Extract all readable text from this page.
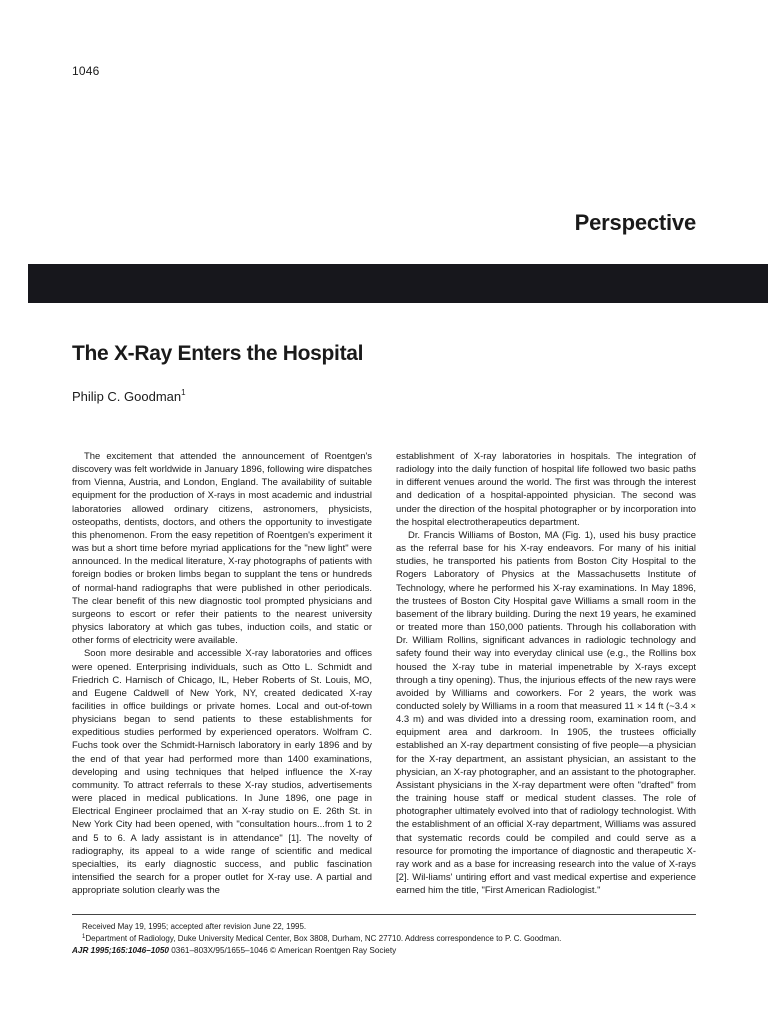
1046
Perspective
The X-Ray Enters the Hospital
Philip C. Goodman$^1$

The excitement that attended the announcement of Roentgen's discovery was felt worldwide in January 1896, following wire dispatches from Vienna, Austria, and London, England. The availability of suitable equipment for the production of X-rays in most academic and industrial laboratories allowed ordinary citizens, astronomers, physicists, osteopaths, dentists, doctors, and others the opportunity to investigate this phenomenon. From the easy repetition of Roentgen's experiment it was but a short time before myriad applications for the "new light" were announced. In the medical literature, X-ray photographs of patients with foreign bodies or broken limbs began to supplant the tens or hundreds of normal-hand radiographs that were published in other periodicals. The clear benefit of this new diagnostic tool prompted physicians and surgeons to escort or refer their patients to the nearest university physics laboratory at which gas tubes, induction coils, and static or other forms of electricity were available.

Soon more desirable and accessible X-ray laboratories and offices were opened. Enterprising individuals, such as Otto L. Schmidt and Friedrich C. Harnisch of Chicago, IL, Heber Roberts of St. Louis, MO, and Eugene Caldwell of New York, NY, created dedicated X-ray facilities in office buildings or private homes. Local and out-of-town physicians began to send patients to these establishments for expeditious studies performed by experienced operators. Wolfram C. Fuchs took over the Schmidt-Harnisch laboratory in early 1896 and by the end of that year had performed more than 1400 examinations, developing and using techniques that helped influence the X-ray community. To attract referrals to these X-ray studios, advertisements were placed in medical publications. In June 1896, one page in Electrical Engineer proclaimed that an X-ray studio on E. 26th St. in New York City had been opened, with "consultation hours...from 1 to 2 and 5 to 6. A lady assistant is in attendance" [1]. The novelty of radiography, its appeal to a wide range of scientific and medical specialties, its early diagnostic success, and public fascination intensified the search for a proper outlet for X-ray use. A partial and appropriate solution clearly was the

establishment of X-ray laboratories in hospitals. The integration of radiology into the daily function of hospital life followed two basic paths in different venues around the world. The first was through the interest and dedication of a hospital-appointed physician. The second was under the direction of the hospital photographer or by incorporation into the hospital electrotherapeutics department.

Dr. Francis Williams of Boston, MA (Fig. 1), used his busy practice as the referral base for his X-ray endeavors. For many of his initial studies, he transported his patients from Boston City Hospital to the Rogers Laboratory of Physics at the Massachusetts Institute of Technology, where he performed his X-ray examinations. In May 1896, the trustees of Boston City Hospital gave Williams a small room in the basement of the library building. During the next 19 years, he examined or treated more than 150,000 patients. Through his collaboration with Dr. William Rollins, significant advances in radiologic technology and safety found their way into everyday clinical use (e.g., the Rollins box housed the X-ray tube in material impenetrable by X-rays except through a tiny opening). Thus, the injurious effects of the new rays were avoided by Williams and coworkers. For 2 years, the work was conducted solely by Williams in a room that measured 11 × 14 ft (~3.4 × 4.3 m) and was divided into a dressing room, examination room, and equipment area and darkroom. In 1905, the trustees officially established an X-ray department consisting of five people—a physician for the X-ray department, an assistant physician, an assistant to the physician, an X-ray photographer, and an assistant to the photographer. Assistant physicians in the X-ray department were often "drafted" from the training house staff or medical student classes. The role of photographer ultimately evolved into that of radiology technologist. With the establishment of an official X-ray department, Williams was assured that systematic records could be compiled and could serve as a resource for promoting the importance of diagnostic and therapeutic X-ray work and as a base for increasing research into the value of X-rays [2]. Wil-liams' untiring effort and vast medical expertise and experience earned him the title, "First American Radiologist."

Received May 19, 1995; accepted after revision June 22, 1995.
$^1$Department of Radiology, Duke University Medical Center, Box 3808, Durham, NC 27710. Address correspondence to P. C. Goodman.
AJR 1995;165:1046–1050 0361–803X/95/1655–1046 © American Roentgen Ray Society
